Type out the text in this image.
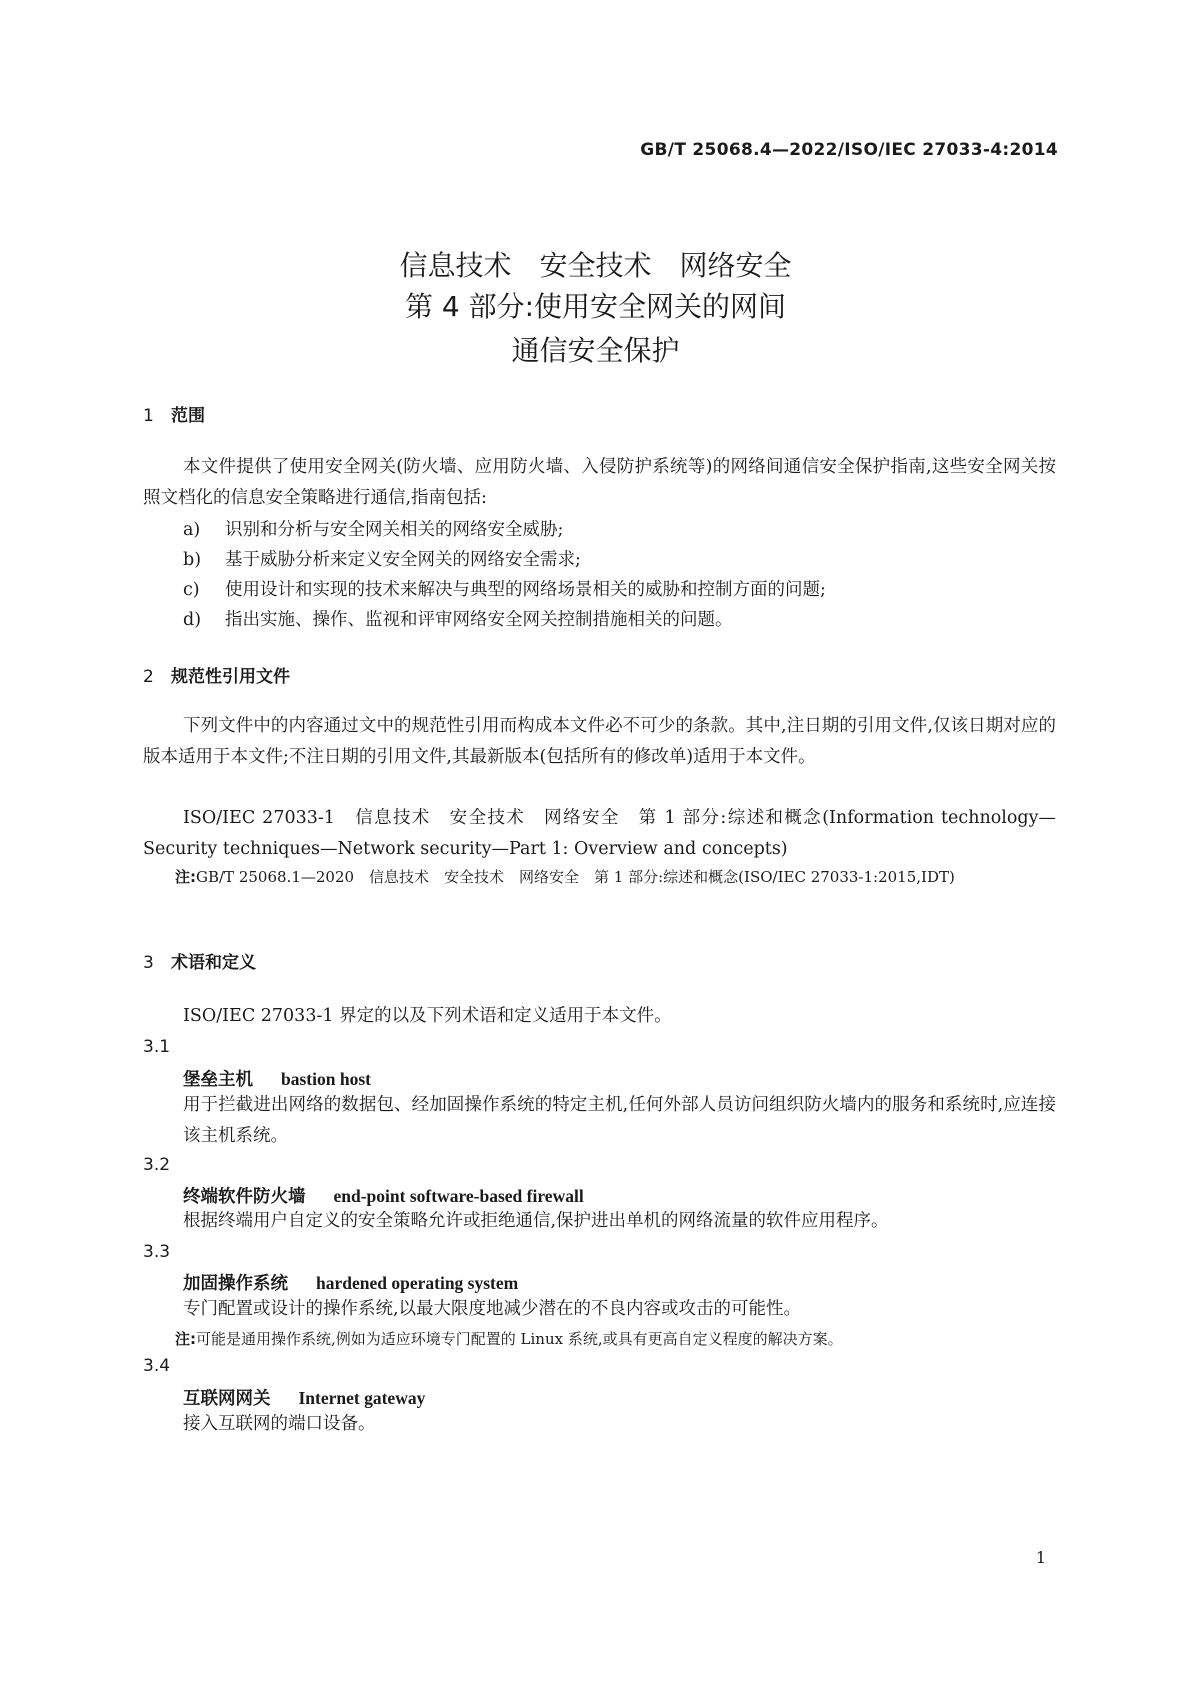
GB/T 25068.4—2022/ISO/IEC 27033-4:2014
信息技术　安全技术　网络安全
第 4 部分:使用安全网关的网间
通信安全保护
1 范围

本文件提供了使用安全网关(防火墙、应用防火墙、入侵防护系统等)的网络间通信安全保护指南,这些安全网关按照文档化的信息安全策略进行通信,指南包括:

a) 识别和分析与安全网关相关的网络安全威胁;
b) 基于威胁分析来定义安全网关的网络安全需求;
c) 使用设计和实现的技术来解决与典型的网络场景相关的威胁和控制方面的问题;
d) 指出实施、操作、监视和评审网络安全网关控制措施相关的问题。
2 规范性引用文件

下列文件中的内容通过文中的规范性引用而构成本文件必不可少的条款。其中,注日期的引用文件,仅该日期对应的版本适用于本文件;不注日期的引用文件,其最新版本(包括所有的修改单)适用于本文件。

ISO/IEC 27033-1　信息技术　安全技术　网络安全　第 1 部分:综述和概念(Information technology—Security techniques—Network security—Part 1: Overview and concepts)

注:GB/T 25068.1—2020　信息技术　安全技术　网络安全　第 1 部分:综述和概念(ISO/IEC 27033-1:2015,IDT)

3 术语和定义

ISO/IEC 27033-1 界定的以及下列术语和定义适用于本文件。

3.1
堡垒主机 bastion host

用于拦截进出网络的数据包、经加固操作系统的特定主机,任何外部人员访问组织防火墙内的服务和系统时,应连接该主机系统。

3.2
终端软件防火墙 end-point software-based firewall

根据终端用户自定义的安全策略允许或拒绝通信,保护进出单机的网络流量的软件应用程序。

3.3
加固操作系统 hardened operating system

专门配置或设计的操作系统,以最大限度地减少潜在的不良内容或攻击的可能性。

注:可能是通用操作系统,例如为适应环境专门配置的 Linux 系统,或具有更高自定义程度的解决方案。

3.4
互联网网关 Internet gateway

接入互联网的端口设备。

1
